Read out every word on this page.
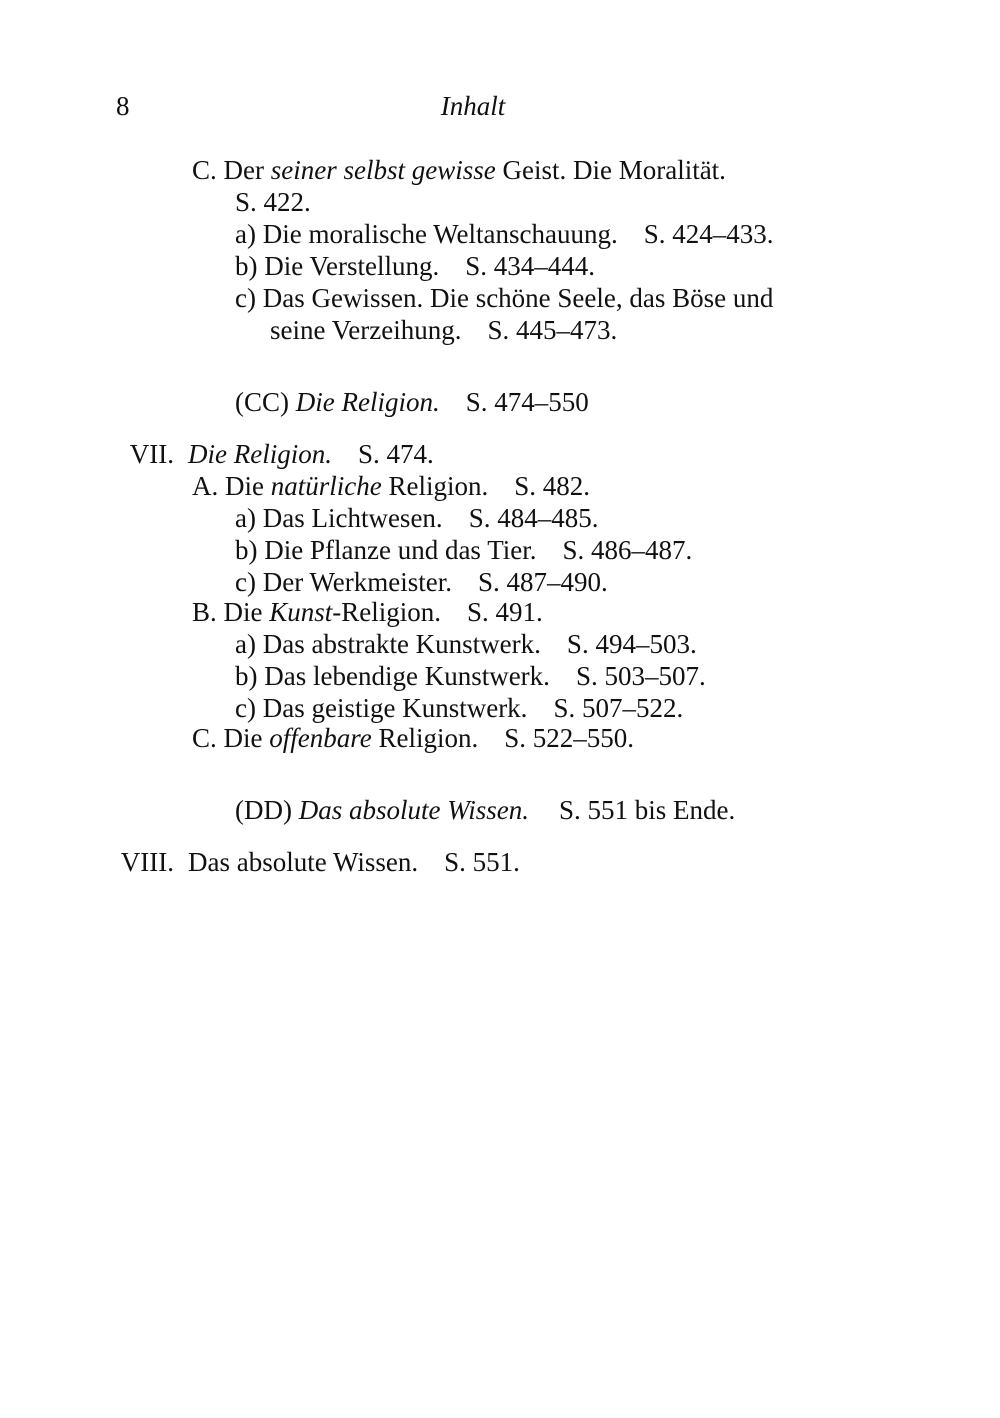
8	Inhalt
C. Der seiner selbst gewisse Geist. Die Moralität.
S. 422.
a) Die moralische Weltanschauung. S. 424–433.
b) Die Verstellung. S. 434–444.
c) Das Gewissen. Die schöne Seele, das Böse und
seine Verzeihung. S. 445–473.
(CC) Die Religion. S. 474–550
VII. Die Religion. S. 474.
A. Die natürliche Religion. S. 482.
a) Das Lichtwesen. S. 484–485.
b) Die Pflanze und das Tier. S. 486–487.
c) Der Werkmeister. S. 487–490.
B. Die Kunst-Religion. S. 491.
a) Das abstrakte Kunstwerk. S. 494–503.
b) Das lebendige Kunstwerk. S. 503–507.
c) Das geistige Kunstwerk. S. 507–522.
C. Die offenbare Religion. S. 522–550.
(DD) Das absolute Wissen. S. 551 bis Ende.
VIII. Das absolute Wissen. S. 551.
